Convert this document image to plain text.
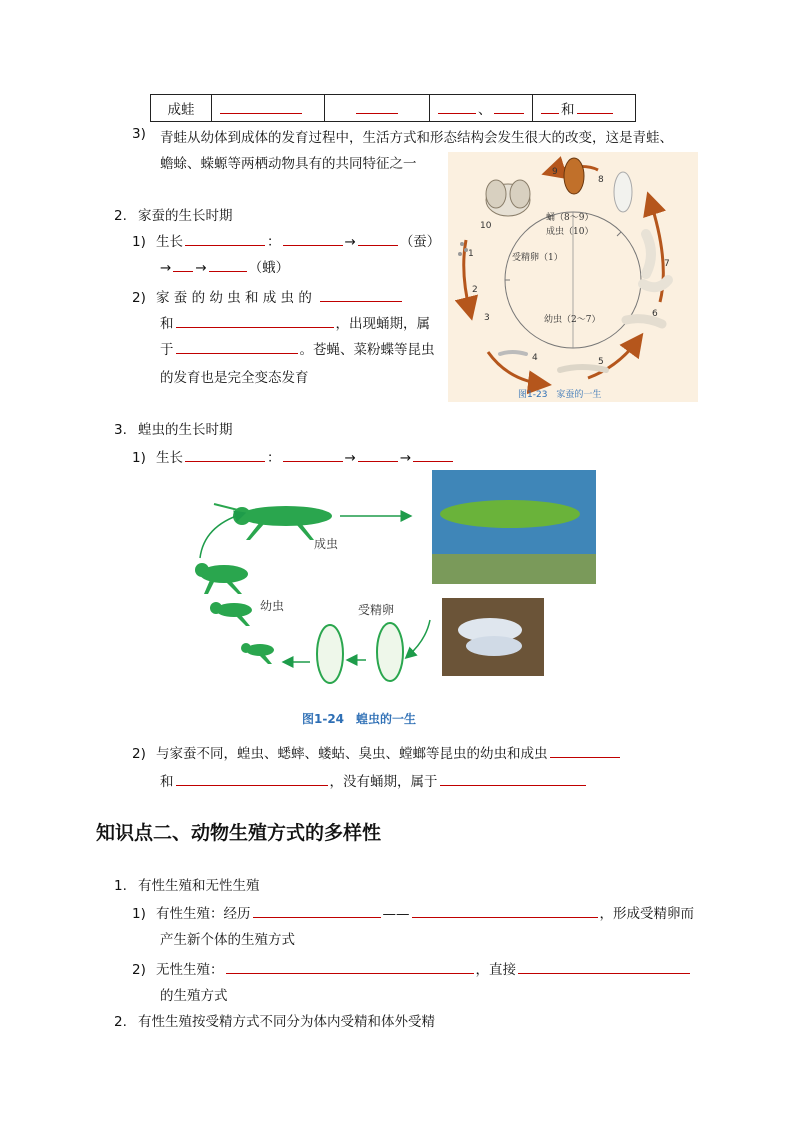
成蛙			、	和
3) 青蛙从幼体到成体的发育过程中，生活方式和形态结构会发生很大的改变，这是青蛙、
蟾蜍、蝾螈等两栖动物具有的共同特征之一
2. 家蚕的生长时期
1) 生长	：	→	（蚕）
→ →	（蛾）
2) 家 蚕 的 幼 虫 和 成 虫 的
和	，出现蛹期，属
于	。苍蝇、菜粉蝶等昆虫
的发育也是完全变态发育
蛹（8～9）
成虫（10）
受精卵（1）
幼虫（2～7）
1
2
3
4	5
6
7
8
9
10
图1-23　家蚕的一生
3. 蝗虫的生长时期
1) 生长	：	→	→
成虫
幼虫	受精卵
图1-24　蝗虫的一生
2) 与家蚕不同，蝗虫、蟋蟀、蝼蛄、臭虫、螳螂等昆虫的幼虫和成虫
和	，没有蛹期，属于
知识点二、动物生殖方式的多样性
1. 有性生殖和无性生殖
1) 有性生殖：经历	——	，形成受精卵而
产生新个体的生殖方式
2) 无性生殖：	，直接
的生殖方式
2. 有性生殖按受精方式不同分为体内受精和体外受精
